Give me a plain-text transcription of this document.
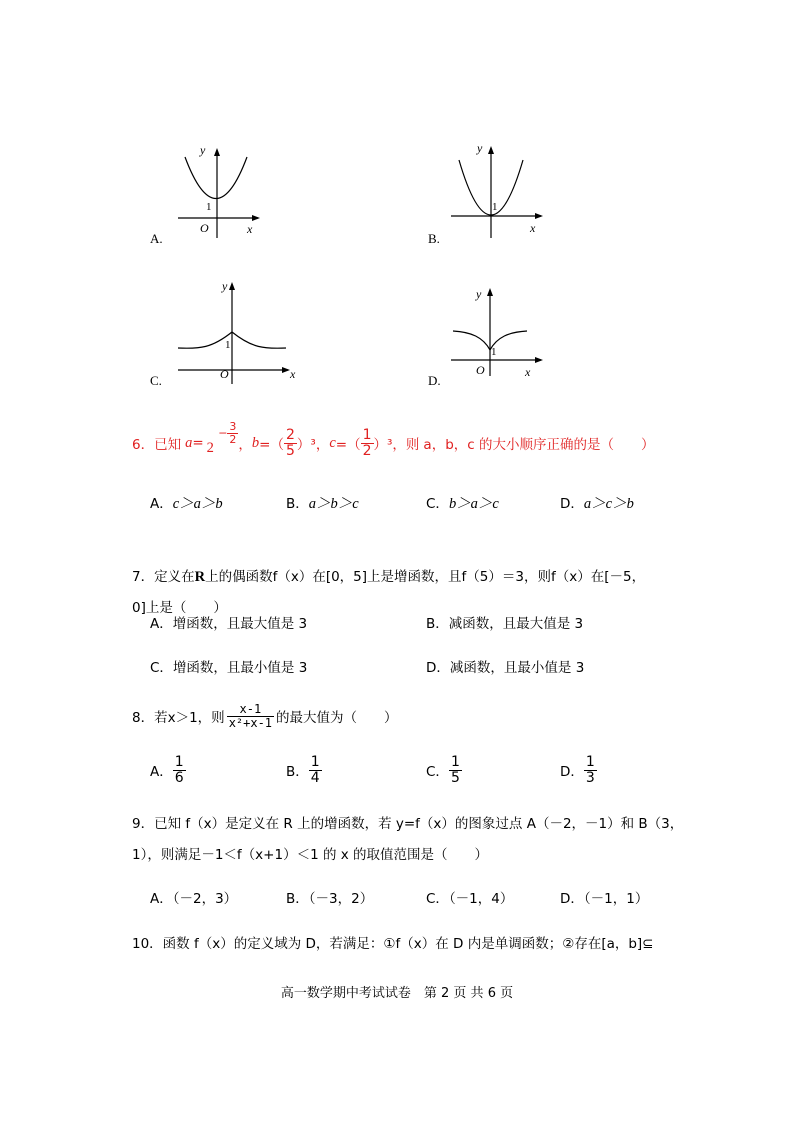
A.
y
x
O
1
B.
y
x
1
C.
y
x
O
1
D.
y
x
O
1
6．已知 $a = 2 - \frac{3}{2}$ ， b =（ $\frac{2}{5} )^3$， c =（ $\frac{1}{2} )^3$，则 a，b，c 的大小顺序正确的是（　　）
A．c＞a＞b	B．a＞b＞c	C．b＞a＞c	D．a＞c＞b
7．定义在R上的偶函数f（x）在[0，5]上是增函数，且f（5）＝3，则f（x）在[－5，
0]上是（　　）
A．增函数，且最大值是 3	B．减函数，且最大值是 3
C．增函数，且最小值是 3	D．减函数，且最小值是 3
8．若 x＞1，则 $\frac{x-1}{\text{x²+x-1}}$ 的最大值为（　　）
A． $\frac{1}{6}$	B． $\frac{1}{4}$	C． $\frac{1}{5}$	D． $\frac{1}{3}$
9．已知 f（x）是定义在 R 上的增函数，若 y=f（x）的图象过点 A（－2，－1）和 B（3，
1），则满足－1＜f（x+1）＜1 的 x 的取值范围是（　　）
A．（－2，3）	B．（－3，2）	C．（－1，4）	D．（－1，1）
10．函数 f（x）的定义域为 D，若满足：①f（x）在 D 内是单调函数；②存在[a，b]⊆
高一数学期中考试试卷　第 2 页 共 6 页
